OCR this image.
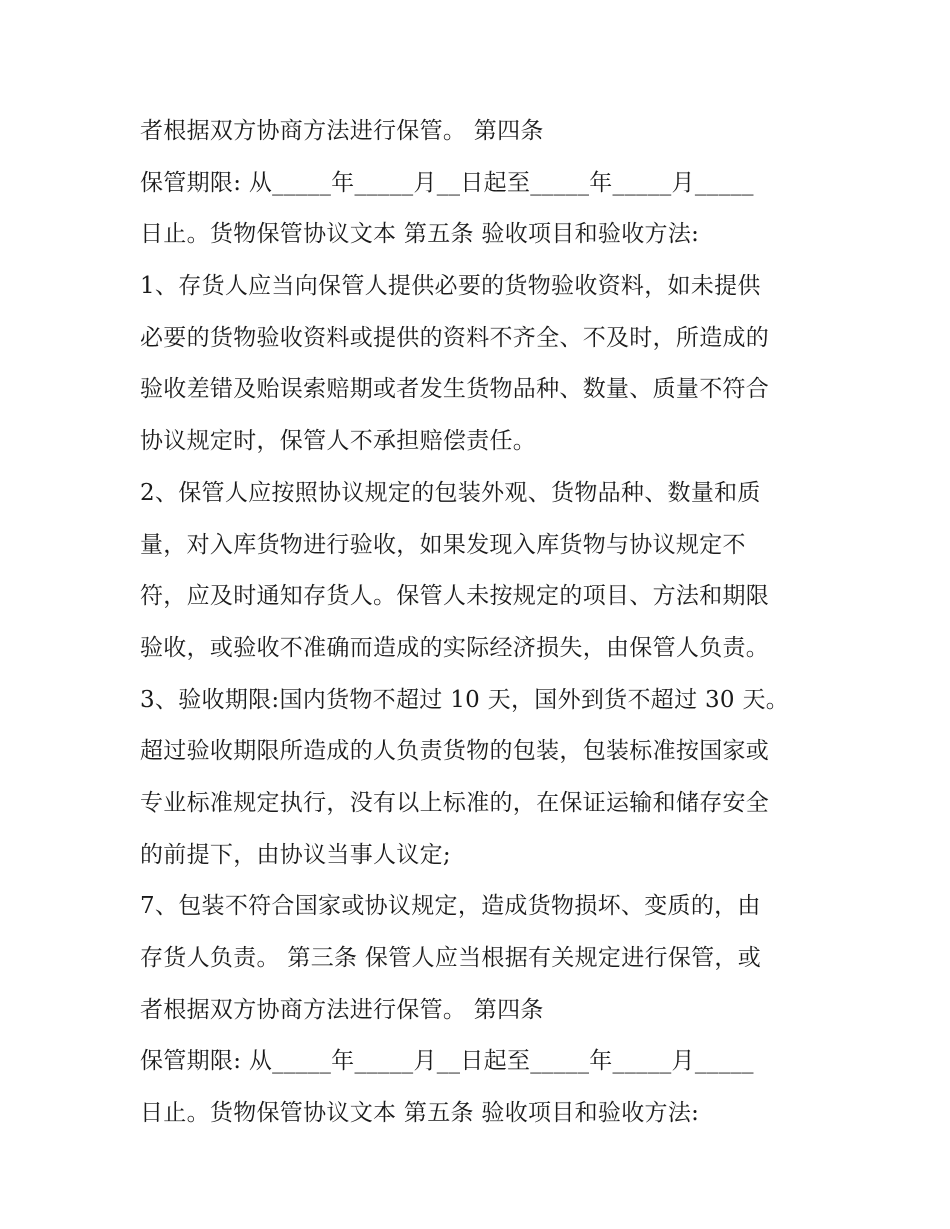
者根据双方协商方法进行保管。 第四条

保管期限: 从_____年_____月__日起至_____年_____月_____

日止。货物保管协议文本 第五条 验收项目和验收方法:

1、存货人应当向保管人提供必要的货物验收资料，如未提供

必要的货物验收资料或提供的资料不齐全、不及时，所造成的

验收差错及贻误索赔期或者发生货物品种、数量、质量不符合

协议规定时，保管人不承担赔偿责任。

2、保管人应按照协议规定的包装外观、货物品种、数量和质

量，对入库货物进行验收，如果发现入库货物与协议规定不

符，应及时通知存货人。保管人未按规定的项目、方法和期限

验收，或验收不准确而造成的实际经济损失，由保管人负责。

3、验收期限:国内货物不超过 10 天，国外到货不超过 30 天。

超过验收期限所造成的人负责货物的包装，包装标准按国家或

专业标准规定执行，没有以上标准的，在保证运输和储存安全

的前提下，由协议当事人议定;

7、包装不符合国家或协议规定，造成货物损坏、变质的，由

存货人负责。 第三条 保管人应当根据有关规定进行保管，或

者根据双方协商方法进行保管。 第四条

保管期限: 从_____年_____月__日起至_____年_____月_____

日止。货物保管协议文本 第五条 验收项目和验收方法:
